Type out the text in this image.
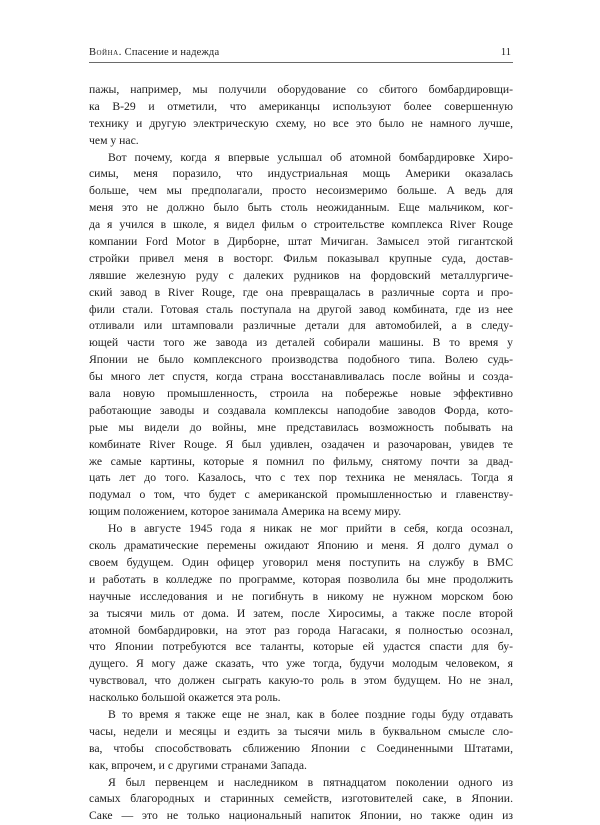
Война. Спасение и надежда	11
пажы, например, мы получили оборудование со сбитого бомбардировщи-
ка B-29 и отметили, что американцы используют более совершенную
технику и другую электрическую схему, но все это было не намного лучше,
чем у нас.
Вот почему, когда я впервые услышал об атомной бомбардировке Хиро-
симы, меня поразило, что индустриальная мощь Америки оказалась
больше, чем мы предполагали, просто несоизмеримо больше. А ведь для
меня это не должно было быть столь неожиданным. Еще мальчиком, ког-
да я учился в школе, я видел фильм о строительстве комплекса River Rouge
компании Ford Motor в Дирборне, штат Мичиган. Замысел этой гигантской
стройки привел меня в восторг. Фильм показывал крупные суда, достав-
лявшие железную руду с далеких рудников на фордовский металлургиче-
ский завод в River Rouge, где она превращалась в различные сорта и про-
фили стали. Готовая сталь поступала на другой завод комбината, где из нее
отливали или штамповали различные детали для автомобилей, а в следу-
ющей части того же завода из деталей собирали машины. В то время у
Японии не было комплексного производства подобного типа. Волею судь-
бы много лет спустя, когда страна восстанавливалась после войны и созда-
вала новую промышленность, строила на побережье новые эффективно
работающие заводы и создавала комплексы наподобие заводов Форда, кото-
рые мы видели до войны, мне представилась возможность побывать на
комбинате River Rouge. Я был удивлен, озадачен и разочарован, увидев те
же самые картины, которые я помнил по фильму, снятому почти за двад-
цать лет до того. Казалось, что с тех пор техника не менялась. Тогда я
подумал о том, что будет с американской промышленностью и главенству-
ющим положением, которое занимала Америка на всему миру.
Но в августе 1945 года я никак не мог прийти в себя, когда осознал,
сколь драматические перемены ожидают Японию и меня. Я долго думал о
своем будущем. Один офицер уговорил меня поступить на службу в ВМС
и работать в колледже по программе, которая позволила бы мне продолжить
научные исследования и не погибнуть в никому не нужном морском бою
за тысячи миль от дома. И затем, после Хиросимы, а также после второй
атомной бомбардировки, на этот раз города Нагасаки, я полностью осознал,
что Японии потребуются все таланты, которые ей удастся спасти для бу-
дущего. Я могу даже сказать, что уже тогда, будучи молодым человеком, я
чувствовал, что должен сыграть какую-то роль в этом будущем. Но не знал,
насколько большой окажется эта роль.
В то время я также еще не знал, как в более поздние годы буду отдавать
часы, недели и месяцы и ездить за тысячи миль в буквальном смысле сло-
ва, чтобы способствовать сближению Японии с Соединенными Штатами,
как, впрочем, и с другими странами Запада.
Я был первенцем и наследником в пятнадцатом поколении одного из
самых благородных и старинных семейств, изготовителей саке, в Японии.
Саке — это не только национальный напиток Японии, но также один из
